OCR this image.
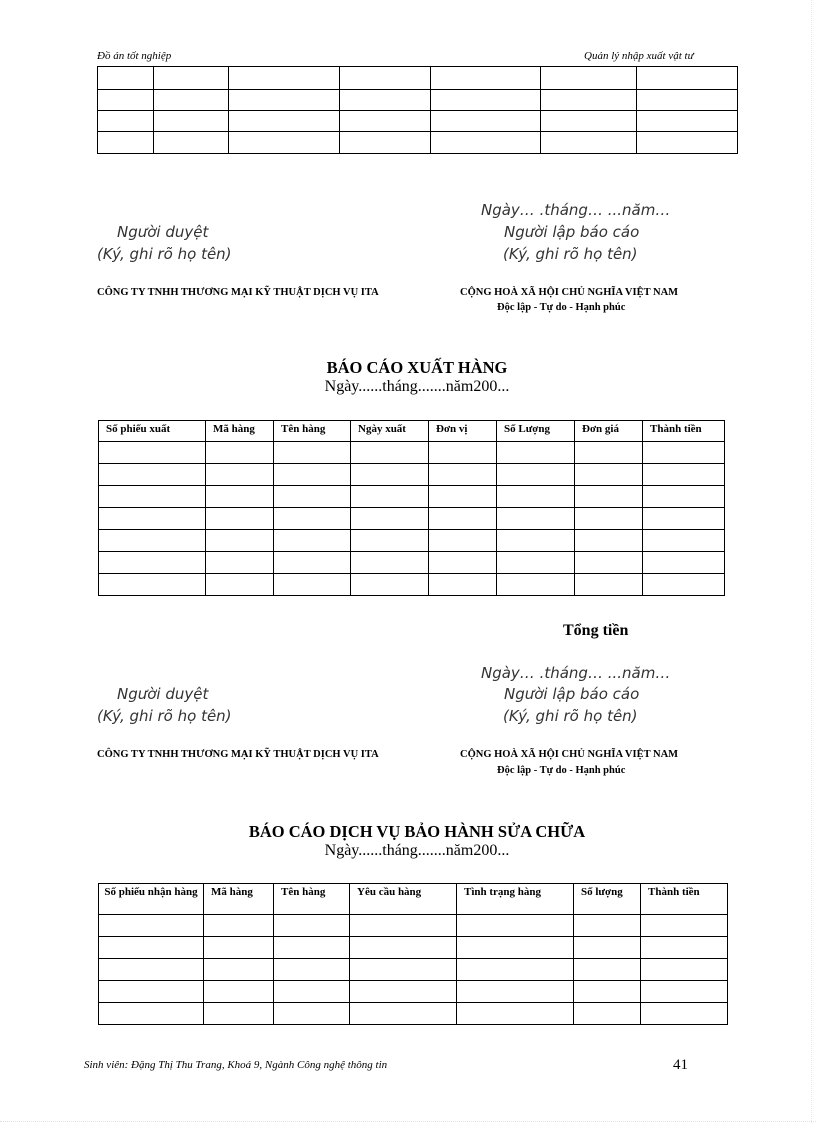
Đồ án tốt nghiệp	Quản lý nhập xuất vật tư

Ngày… .tháng… ...năm…
Người duyệt	Người lập báo cáo
(Ký, ghi rõ họ tên)	(Ký, ghi rõ họ tên)
CÔNG TY TNHH THƯƠNG MẠI KỸ THUẬT DỊCH VỤ ITA	CỘNG HOÀ XÃ HỘI CHỦ NGHĨA VIỆT NAM
Độc lập - Tự do - Hạnh phúc
BÁO CÁO XUẤT HÀNG
Ngày......tháng.......năm200...
Số phiếu xuất	Mã hàng	Tên hàng	Ngày xuất	Đơn vị	Số Lượng	Đơn giá	Thành tiền

Tổng tiền
Ngày… .tháng… ...năm…
Người duyệt	Người lập báo cáo
(Ký, ghi rõ họ tên)	(Ký, ghi rõ họ tên)
CÔNG TY TNHH THƯƠNG MẠI KỸ THUẬT DỊCH VỤ ITA	CỘNG HOÀ XÃ HỘI CHỦ NGHĨA VIỆT NAM
Độc lập - Tự do - Hạnh phúc
BÁO CÁO DỊCH VỤ BẢO HÀNH SỬA CHỮA
Ngày......tháng.......năm200...
Số phiếu nhận hàng	Mã hàng	Tên hàng	Yêu cầu hàng	Tình trạng hàng	Số lượng	Thành tiền

Sinh viên: Đặng Thị Thu Trang, Khoá 9, Ngành Công nghệ thông tin	41
